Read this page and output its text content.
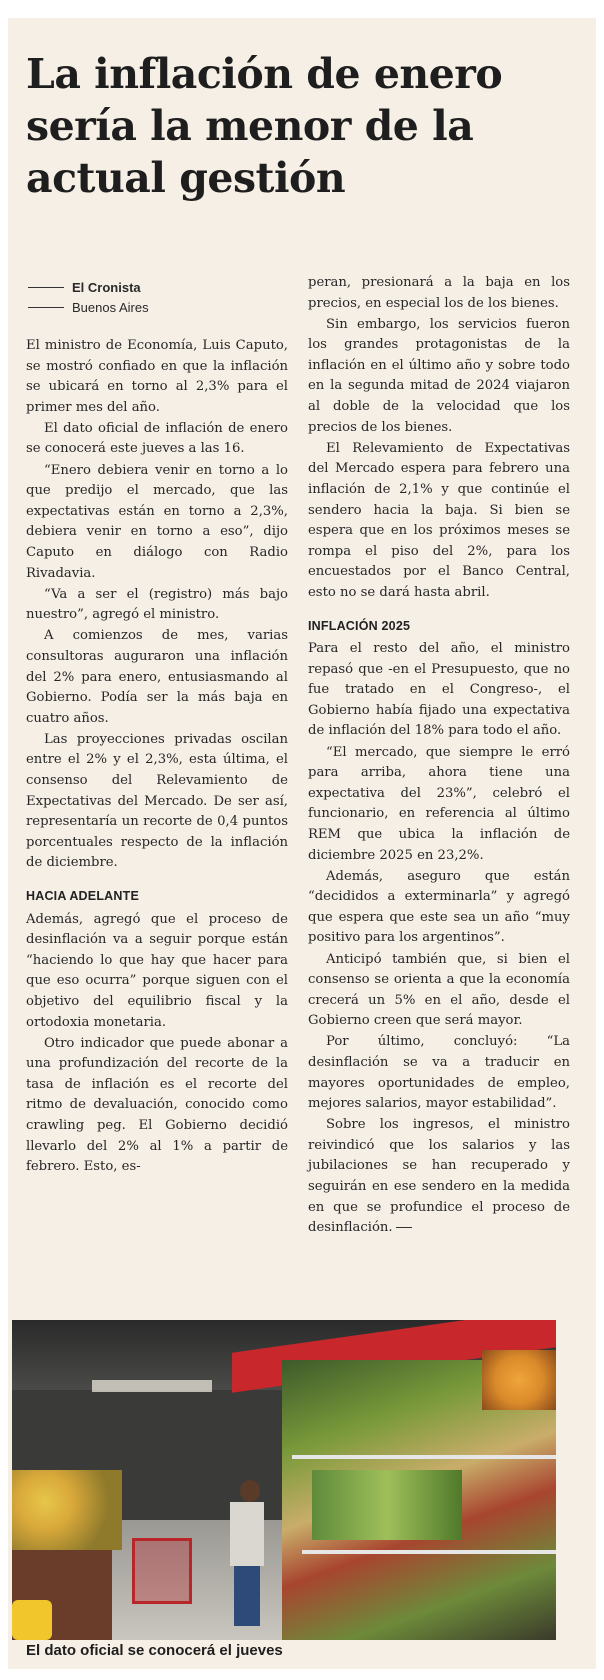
La inflación de enero sería la menor de la actual gestión
El Cronista
Buenos Aires

El ministro de Economía, Luis Caputo, se mostró confiado en que la inflación se ubicará en torno al 2,3% para el primer mes del año.

El dato oficial de inflación de enero se conocerá este jueves a las 16.

“Enero debiera venir en torno a lo que predijo el mercado, que las expectativas están en torno a 2,3%, debiera venir en torno a eso”, dijo Caputo en diálogo con Radio Rivadavia.

“Va a ser el (registro) más bajo nuestro”, agregó el ministro.

A comienzos de mes, varias consultoras auguraron una inflación del 2% para enero, entusiasmando al Gobierno. Podía ser la más baja en cuatro años.

Las proyecciones privadas oscilan entre el 2% y el 2,3%, esta última, el consenso del Relevamiento de Expectativas del Mercado. De ser así, representaría un recorte de 0,4 puntos porcentuales respecto de la inflación de diciembre.

HACIA ADELANTE

Además, agregó que el proceso de desinflación va a seguir porque están “haciendo lo que hay que hacer para que eso ocurra” porque siguen con el objetivo del equilibrio fiscal y la ortodoxia monetaria.

Otro indicador que puede abonar a una profundización del recorte de la tasa de inflación es el recorte del ritmo de devaluación, conocido como crawling peg. El Gobierno decidió llevarlo del 2% al 1% a partir de febrero. Esto, es-

peran, presionará a la baja en los precios, en especial los de los bienes.

Sin embargo, los servicios fueron los grandes protagonistas de la inflación en el último año y sobre todo en la segunda mitad de 2024 viajaron al doble de la velocidad que los precios de los bienes.

El Relevamiento de Expectativas del Mercado espera para febrero una inflación de 2,1% y que continúe el sendero hacia la baja. Si bien se espera que en los próximos meses se rompa el piso del 2%, para los encuestados por el Banco Central, esto no se dará hasta abril.

INFLACIÓN 2025

Para el resto del año, el ministro repasó que -en el Presupuesto, que no fue tratado en el Congreso-, el Gobierno había fijado una expectativa de inflación del 18% para todo el año.

“El mercado, que siempre le erró para arriba, ahora tiene una expectativa del 23%”, celebró el funcionario, en referencia al último REM que ubica la inflación de diciembre 2025 en 23,2%.

Además, aseguro que están “decididos a exterminarla” y agregó que espera que este sea un año “muy positivo para los argentinos”.

Anticipó también que, si bien el consenso se orienta a que la economía crecerá un 5% en el año, desde el Gobierno creen que será mayor.

Por último, concluyó: “La desinflación se va a traducir en mayores oportunidades de empleo, mejores salarios, mayor estabilidad”.

Sobre los ingresos, el ministro reivindicó que los salarios y las jubilaciones se han recuperado y seguirán en ese sendero en la medida en que se profundice el proceso de desinflación.

El dato oficial se conocerá el jueves
